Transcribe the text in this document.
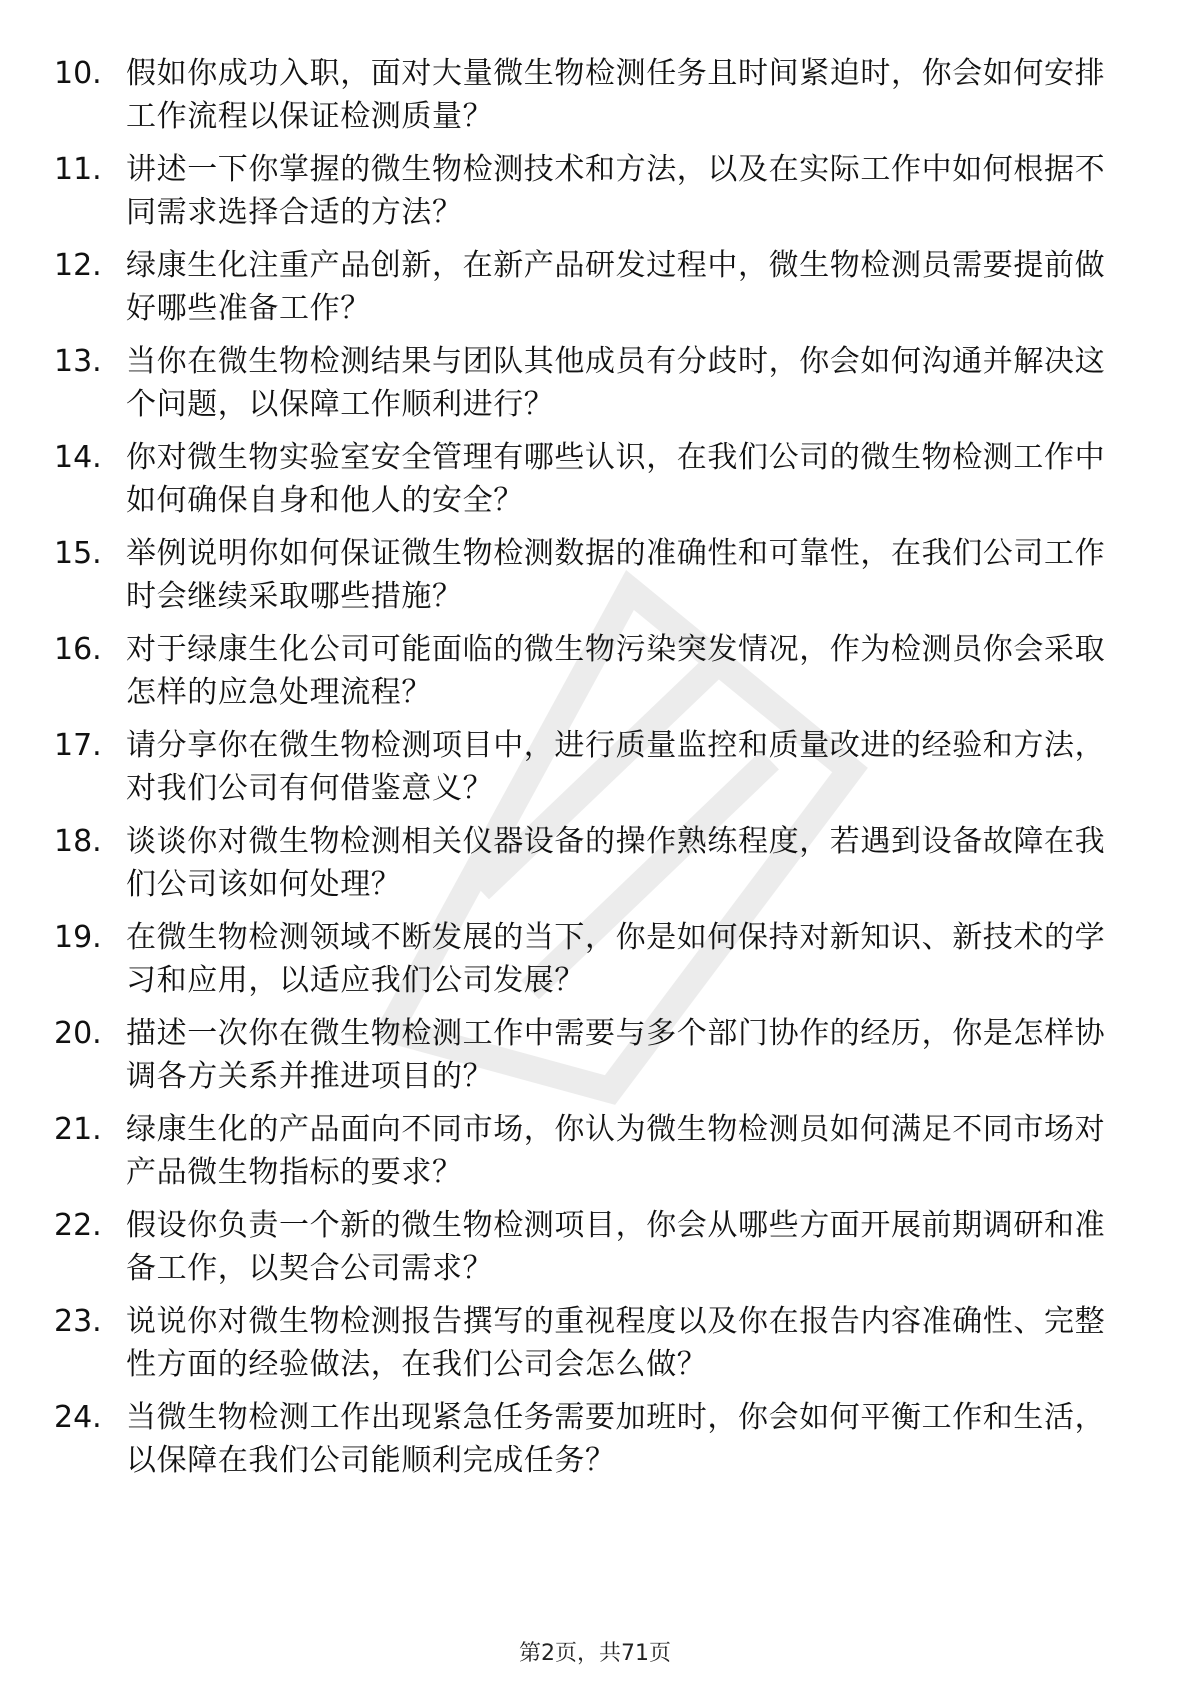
10. 假如你成功入职，面对大量微生物检测任务且时间紧迫时，你会如何安排工作流程以保证检测质量？
11. 讲述一下你掌握的微生物检测技术和方法，以及在实际工作中如何根据不同需求选择合适的方法？
12. 绿康生化注重产品创新，在新产品研发过程中，微生物检测员需要提前做好哪些准备工作？
13. 当你在微生物检测结果与团队其他成员有分歧时，你会如何沟通并解决这个问题，以保障工作顺利进行？
14. 你对微生物实验室安全管理有哪些认识，在我们公司的微生物检测工作中如何确保自身和他人的安全？
15. 举例说明你如何保证微生物检测数据的准确性和可靠性，在我们公司工作时会继续采取哪些措施？
16. 对于绿康生化公司可能面临的微生物污染突发情况，作为检测员你会采取怎样的应急处理流程？
17. 请分享你在微生物检测项目中，进行质量监控和质量改进的经验和方法，对我们公司有何借鉴意义？
18. 谈谈你对微生物检测相关仪器设备的操作熟练程度，若遇到设备故障在我们公司该如何处理？
19. 在微生物检测领域不断发展的当下，你是如何保持对新知识、新技术的学习和应用，以适应我们公司发展？
20. 描述一次你在微生物检测工作中需要与多个部门协作的经历，你是怎样协调各方关系并推进项目的？
21. 绿康生化的产品面向不同市场，你认为微生物检测员如何满足不同市场对产品微生物指标的要求？
22. 假设你负责一个新的微生物检测项目，你会从哪些方面开展前期调研和准备工作，以契合公司需求？
23. 说说你对微生物检测报告撰写的重视程度以及你在报告内容准确性、完整性方面的经验做法，在我们公司会怎么做？
24. 当微生物检测工作出现紧急任务需要加班时，你会如何平衡工作和生活，以保障在我们公司能顺利完成任务？
第2页，共71页
